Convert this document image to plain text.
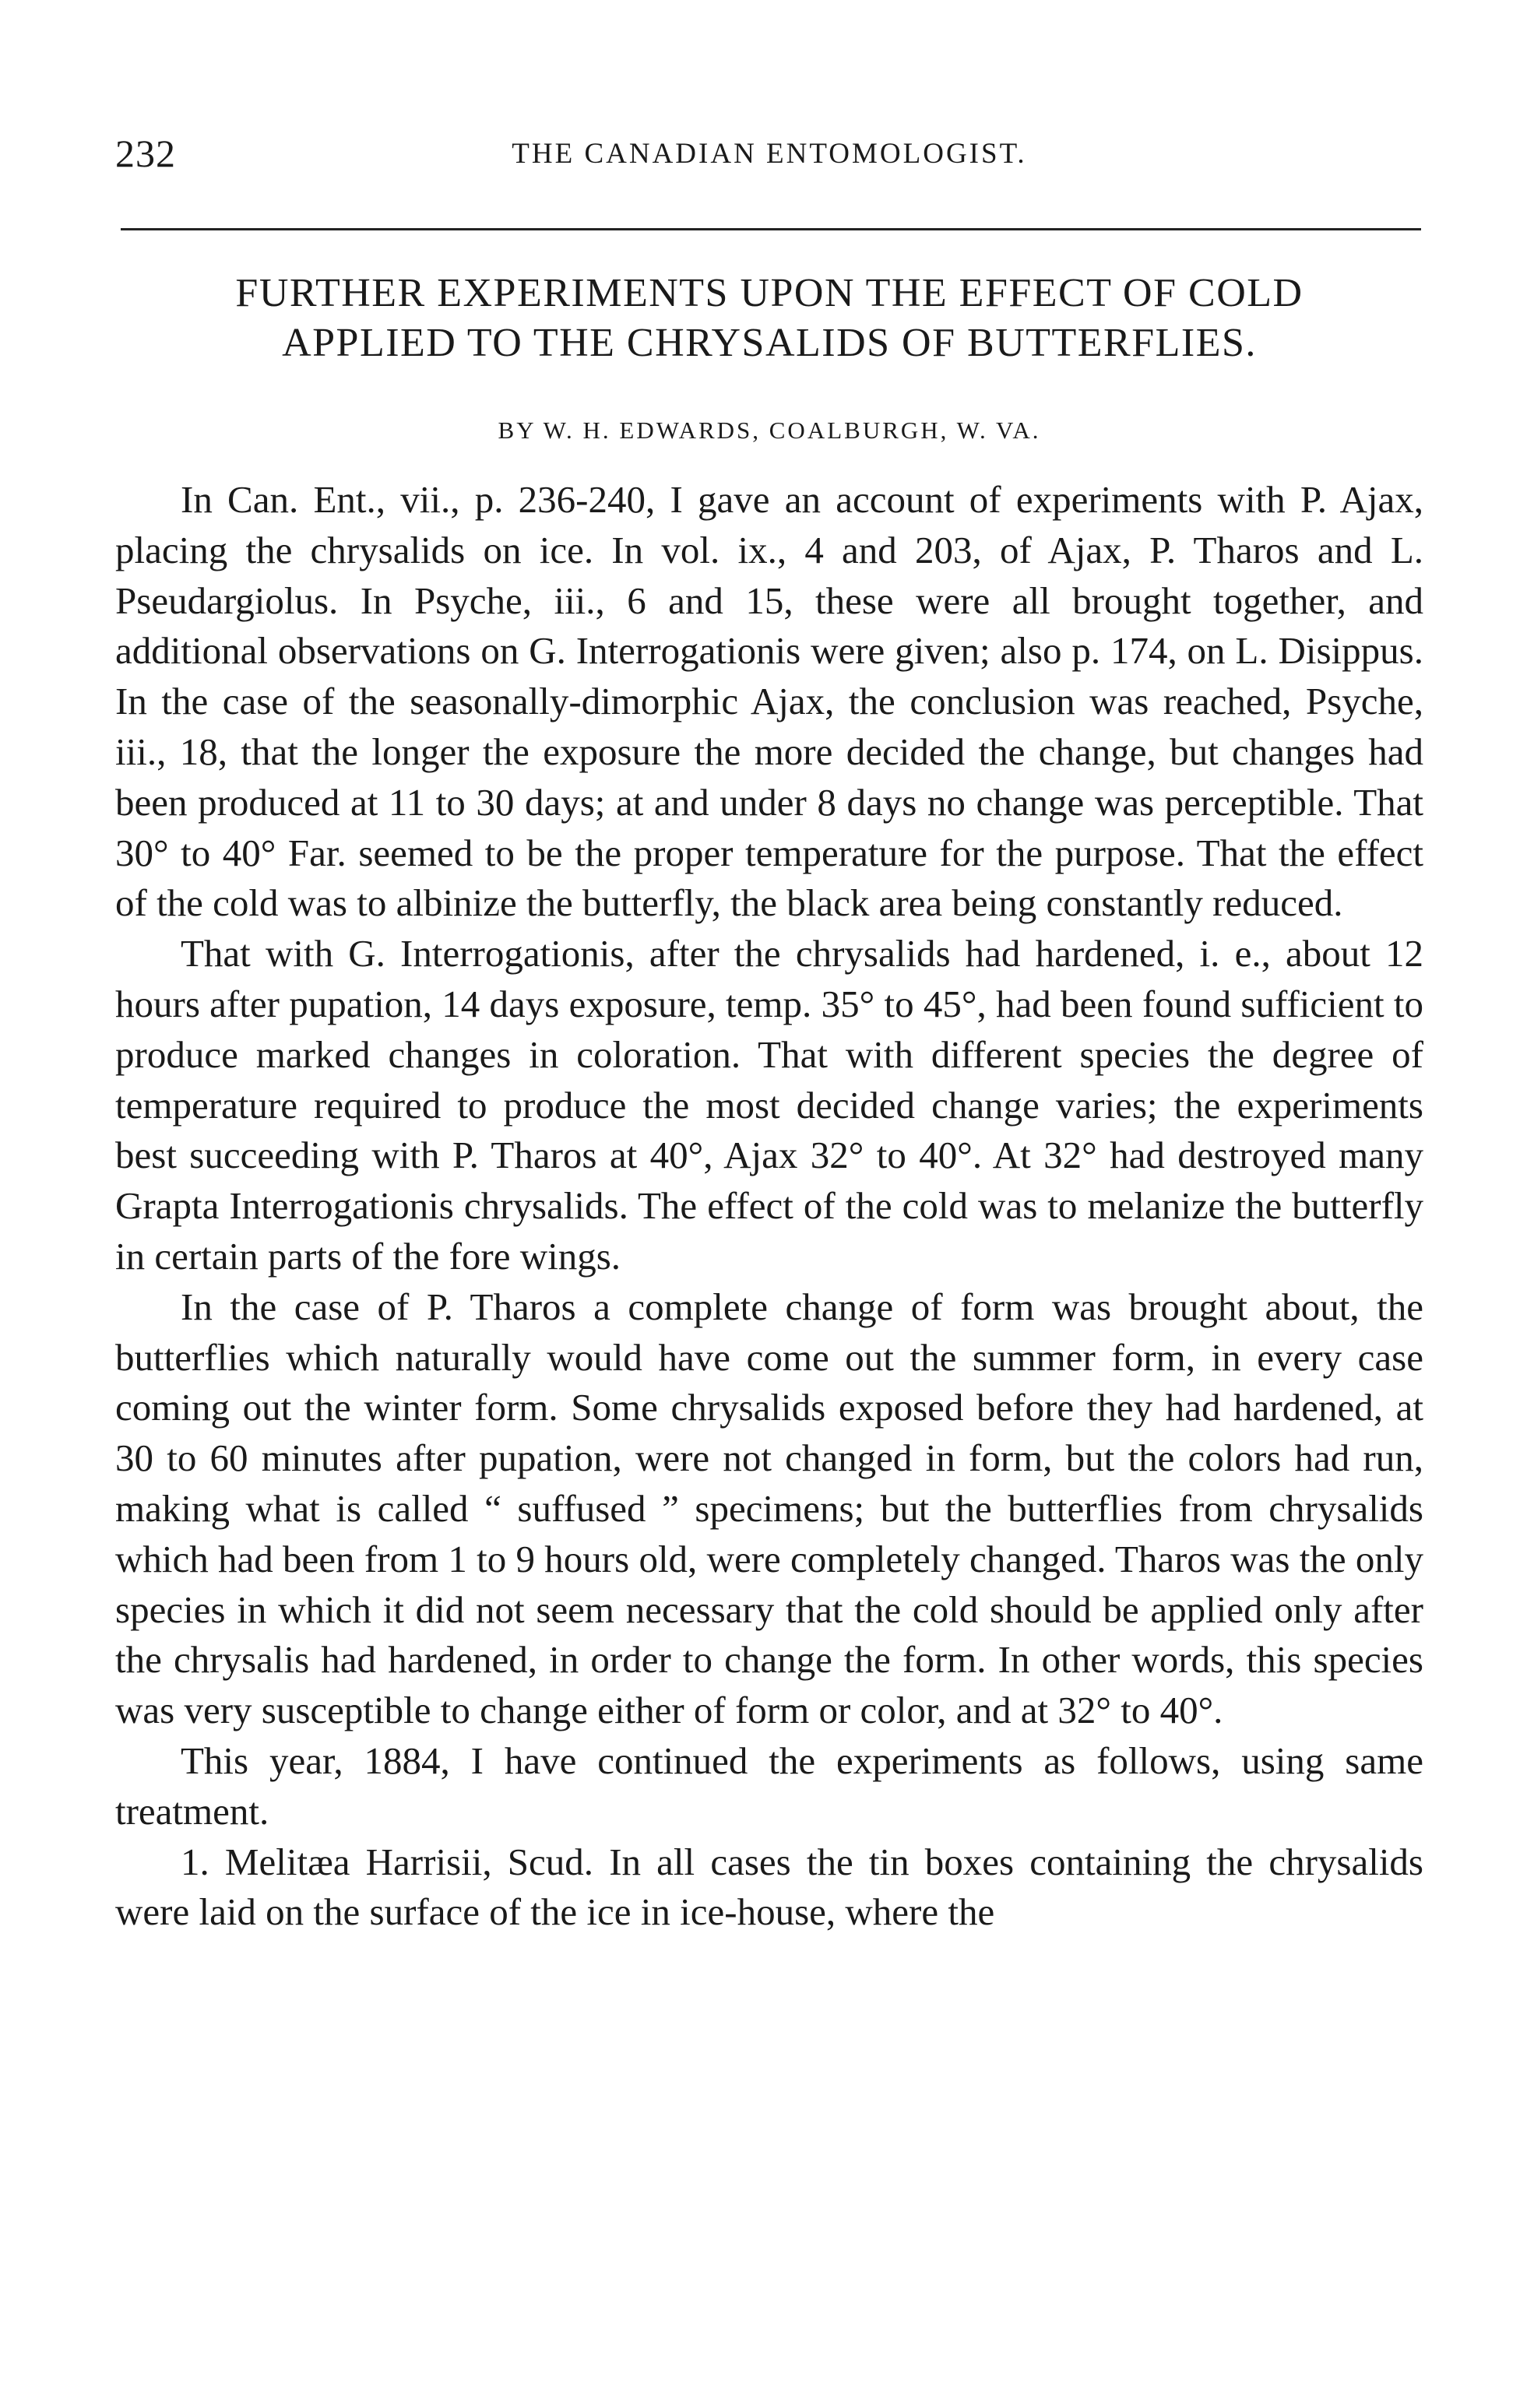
232	THE CANADIAN ENTOMOLOGIST.
FURTHER EXPERIMENTS UPON THE EFFECT OF COLD
APPLIED TO THE CHRYSALIDS OF BUTTERFLIES.
BY W. H. EDWARDS, COALBURGH, W. VA.

In Can. Ent., vii., p. 236-240, I gave an account of experiments with P. Ajax, placing the chrysalids on ice. In vol. ix., 4 and 203, of Ajax, P. Tharos and L. Pseudargiolus. In Psyche, iii., 6 and 15, these were all brought together, and additional observations on G. Interrogationis were given; also p. 174, on L. Disippus. In the case of the seasonally-dimorphic Ajax, the conclusion was reached, Psyche, iii., 18, that the longer the exposure the more decided the change, but changes had been produced at 11 to 30 days; at and under 8 days no change was perceptible. That 30° to 40° Far. seemed to be the proper temperature for the purpose. That the effect of the cold was to albinize the butterfly, the black area being constantly reduced.

That with G. Interrogationis, after the chrysalids had hardened, i. e., about 12 hours after pupation, 14 days exposure, temp. 35° to 45°, had been found sufficient to produce marked changes in coloration. That with different species the degree of temperature required to produce the most decided change varies; the experiments best succeeding with P. Tharos at 40°, Ajax 32° to 40°. At 32° had destroyed many Grapta Interrogationis chrysalids. The effect of the cold was to melanize the butterfly in certain parts of the fore wings.

In the case of P. Tharos a complete change of form was brought about, the butterflies which naturally would have come out the summer form, in every case coming out the winter form. Some chrysalids exposed before they had hardened, at 30 to 60 minutes after pupation, were not changed in form, but the colors had run, making what is called “ suffused ” specimens; but the butterflies from chrysalids which had been from 1 to 9 hours old, were completely changed. Tharos was the only species in which it did not seem necessary that the cold should be applied only after the chrysalis had hardened, in order to change the form. In other words, this species was very susceptible to change either of form or color, and at 32° to 40°.

This year, 1884, I have continued the experiments as follows, using same treatment.

1. Melitæa Harrisii, Scud. In all cases the tin boxes containing the chrysalids were laid on the surface of the ice in ice-house, where the
